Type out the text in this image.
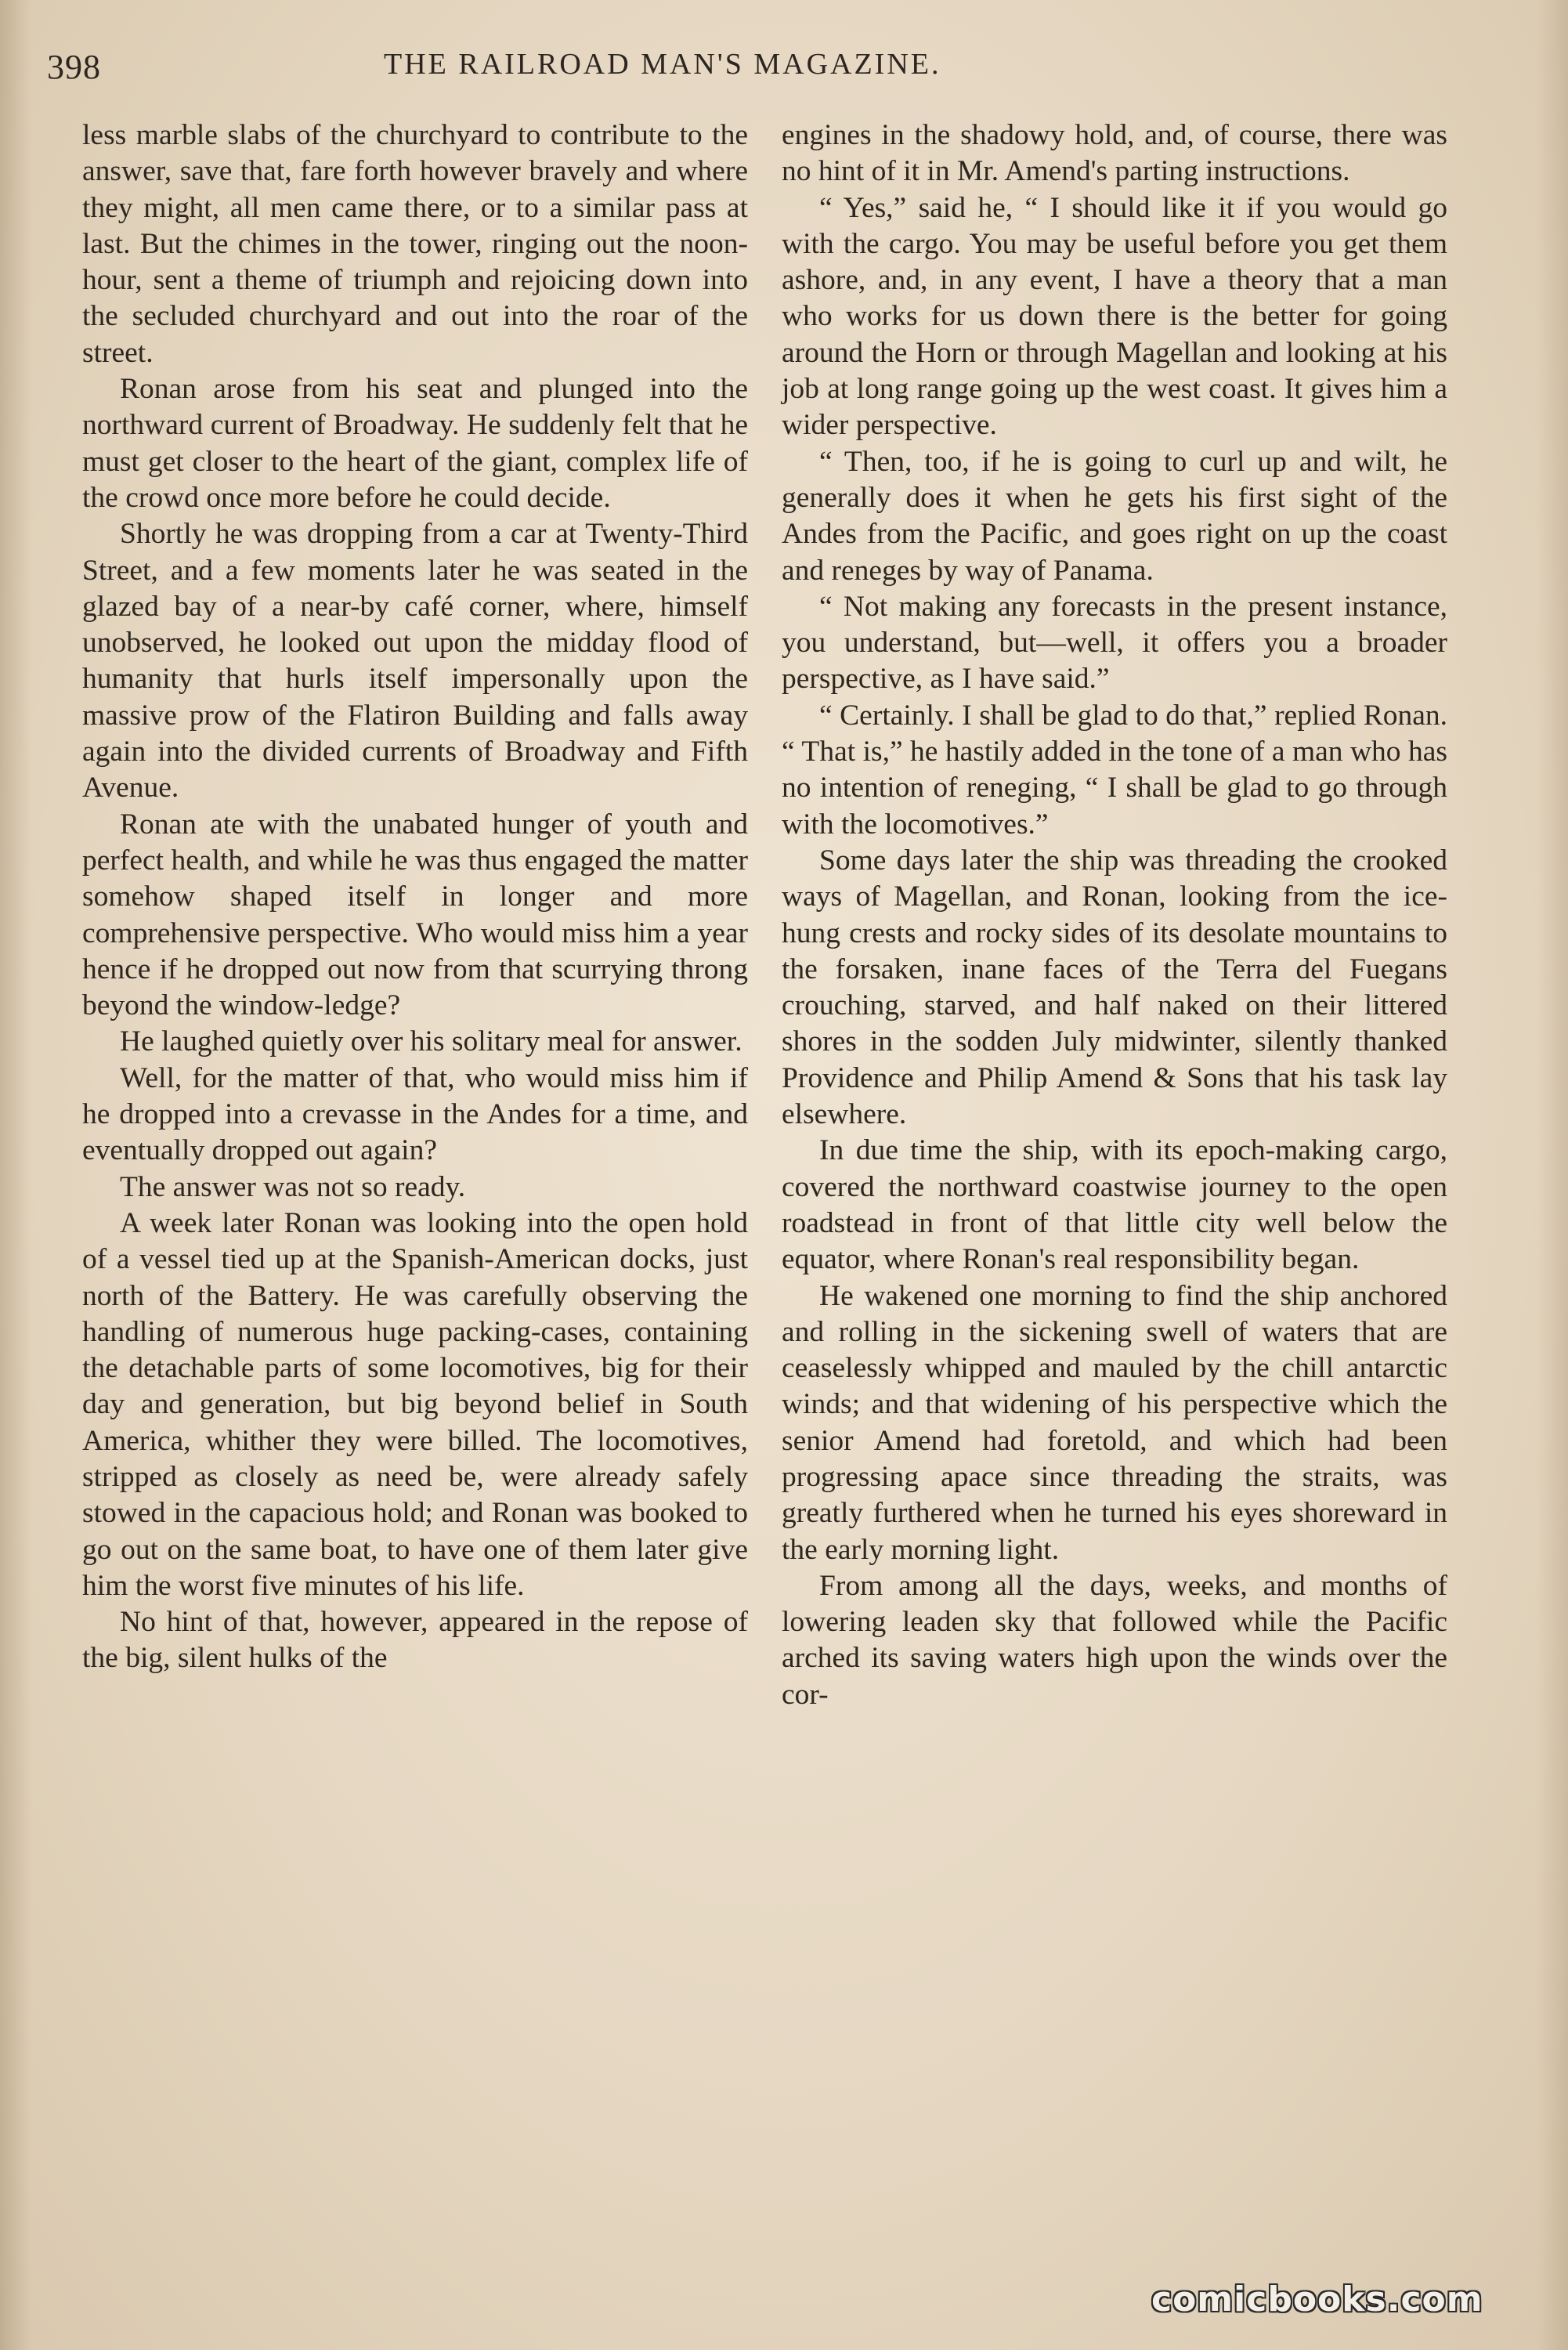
398	THE RAILROAD MAN'S MAGAZINE.

less marble slabs of the churchyard to contribute to the answer, save that, fare forth however bravely and where they might, all men came there, or to a similar pass at last. But the chimes in the tower, ringing out the noon-hour, sent a theme of triumph and rejoicing down into the secluded churchyard and out into the roar of the street.

Ronan arose from his seat and plunged into the northward current of Broadway. He suddenly felt that he must get closer to the heart of the giant, complex life of the crowd once more before he could decide.

Shortly he was dropping from a car at Twenty-Third Street, and a few moments later he was seated in the glazed bay of a near-by café corner, where, himself unobserved, he looked out upon the midday flood of humanity that hurls itself impersonally upon the massive prow of the Flatiron Building and falls away again into the divided currents of Broadway and Fifth Avenue.

Ronan ate with the unabated hunger of youth and perfect health, and while he was thus engaged the matter somehow shaped itself in longer and more comprehensive perspective. Who would miss him a year hence if he dropped out now from that scurrying throng beyond the window-ledge?

He laughed quietly over his solitary meal for answer.

Well, for the matter of that, who would miss him if he dropped into a crevasse in the Andes for a time, and eventually dropped out again?

The answer was not so ready.

A week later Ronan was looking into the open hold of a vessel tied up at the Spanish-American docks, just north of the Battery. He was carefully observing the handling of numerous huge packing-cases, containing the detachable parts of some locomotives, big for their day and generation, but big beyond belief in South America, whither they were billed. The locomotives, stripped as closely as need be, were already safely stowed in the capacious hold; and Ronan was booked to go out on the same boat, to have one of them later give him the worst five minutes of his life.

No hint of that, however, appeared in the repose of the big, silent hulks of the

engines in the shadowy hold, and, of course, there was no hint of it in Mr. Amend's parting instructions.

“ Yes,” said he, “ I should like it if you would go with the cargo. You may be useful before you get them ashore, and, in any event, I have a theory that a man who works for us down there is the better for going around the Horn or through Magellan and looking at his job at long range going up the west coast. It gives him a wider perspective.

“ Then, too, if he is going to curl up and wilt, he generally does it when he gets his first sight of the Andes from the Pacific, and goes right on up the coast and reneges by way of Panama.

“ Not making any forecasts in the present instance, you understand, but—well, it offers you a broader perspective, as I have said.”

“ Certainly. I shall be glad to do that,” replied Ronan. “ That is,” he hastily added in the tone of a man who has no intention of reneging, “ I shall be glad to go through with the locomotives.”

Some days later the ship was threading the crooked ways of Magellan, and Ronan, looking from the ice-hung crests and rocky sides of its desolate mountains to the forsaken, inane faces of the Terra del Fuegans crouching, starved, and half naked on their littered shores in the sodden July midwinter, silently thanked Providence and Philip Amend & Sons that his task lay elsewhere.

In due time the ship, with its epoch-making cargo, covered the northward coastwise journey to the open roadstead in front of that little city well below the equator, where Ronan's real responsibility began.

He wakened one morning to find the ship anchored and rolling in the sickening swell of waters that are ceaselessly whipped and mauled by the chill antarctic winds; and that widening of his perspective which the senior Amend had foretold, and which had been progressing apace since threading the straits, was greatly furthered when he turned his eyes shoreward in the early morning light.

From among all the days, weeks, and months of lowering leaden sky that followed while the Pacific arched its saving waters high upon the winds over the cor-

comicbooks.com
